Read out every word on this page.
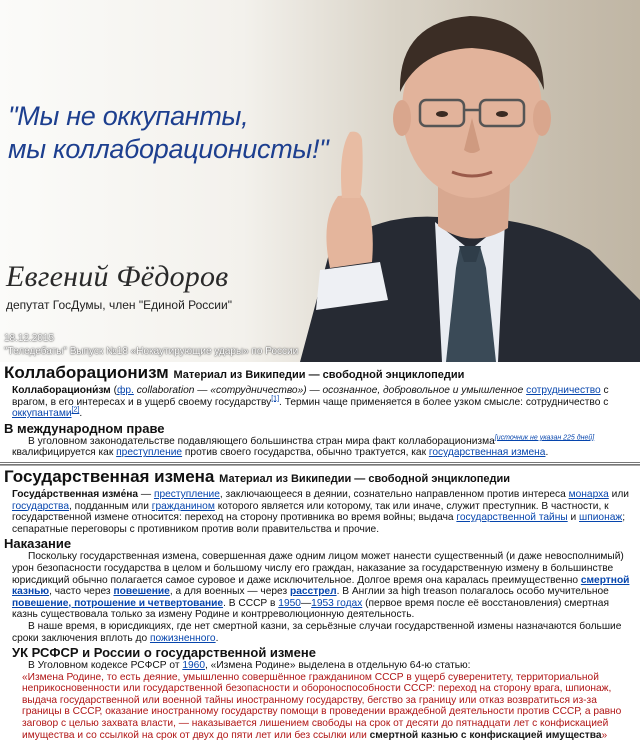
"Мы не оккупанты,
мы коллаборационисты!"
Евгений Фёдоров
депутат ГосДумы, член "Единой России"
18.12.2015
"Теледебаты" Выпуск №18 «Нокаутирующие удары» по России
Коллаборационизм Материал из Википедии — свободной энциклопедии
Коллаборациони́зм (фр. collaboration — «сотрудничество») — осознанное, добровольное и умышленное сотрудничество с врагом, в его интересах и в ущерб своему государству[1]. Термин чаще применяется в более узком смысле: сотрудничество с оккупантами[2].
В международном праве
В уголовном законодательстве подавляющего большинства стран мира факт коллаборационизма[источник не указан 225 дней] квалифицируется как преступление против своего государства, обычно трактуется, как государственная измена.
Государственная измена Материал из Википедии — свободной энциклопедии
Госуда́рственная изме́на — преступление, заключающееся в деянии, сознательно направленном против интереса монарха или государства, подданным или гражданином которого является или которому, так или иначе, служит преступник. В частности, к государственной измене относится: переход на сторону противника во время войны; выдача государственной тайны и шпионаж; сепаратные переговоры с противником против воли правительства и прочие.
Наказание
Поскольку государственная измена, совершенная даже одним лицом может нанести существенный (и даже невосполнимый) урон безопасности государства в целом и большому числу его граждан, наказание за государственную измену в большинстве юрисдикций обычно полагается самое суровое и даже исключительное. Долгое время она каралась преимущественно смертной казнью, часто через повешение, а для военных — через расстрел. В Англии за high treason полагалось особо мучительное повешение, потрошение и четвертование. В СССР в 1950—1953 годах (первое время после её восстановления) смертная казнь существовала только за измену Родине и контрреволюционную деятельность.
В наше время, в юрисдикциях, где нет смертной казни, за серьёзные случаи государственной измены назначаются большие сроки заключения вплоть до пожизненного.
УК РСФСР и России о государственной измене
В Уголовном кодексе РСФСР от 1960, «Измена Родине» выделена в отдельную 64-ю статью:
«Измена Родине, то есть деяние, умышленно совершённое гражданином СССР в ущерб суверенитету, территориальной неприкосновенности или государственной безопасности и обороноспособности СССР: переход на сторону врага, шпионаж, выдача государственной или военной тайны иностранному государству, бегство за границу или отказ возвратиться из-за границы в СССР, оказание иностранному государству помощи в проведении враждебной деятельности против СССР, а равно заговор с целью захвата власти, — наказывается лишением свободы на срок от десяти до пятнадцати лет с конфискацией имущества и со ссылкой на срок от двух до пяти лет или без ссылки или смертной казнью с конфискацией имущества»
